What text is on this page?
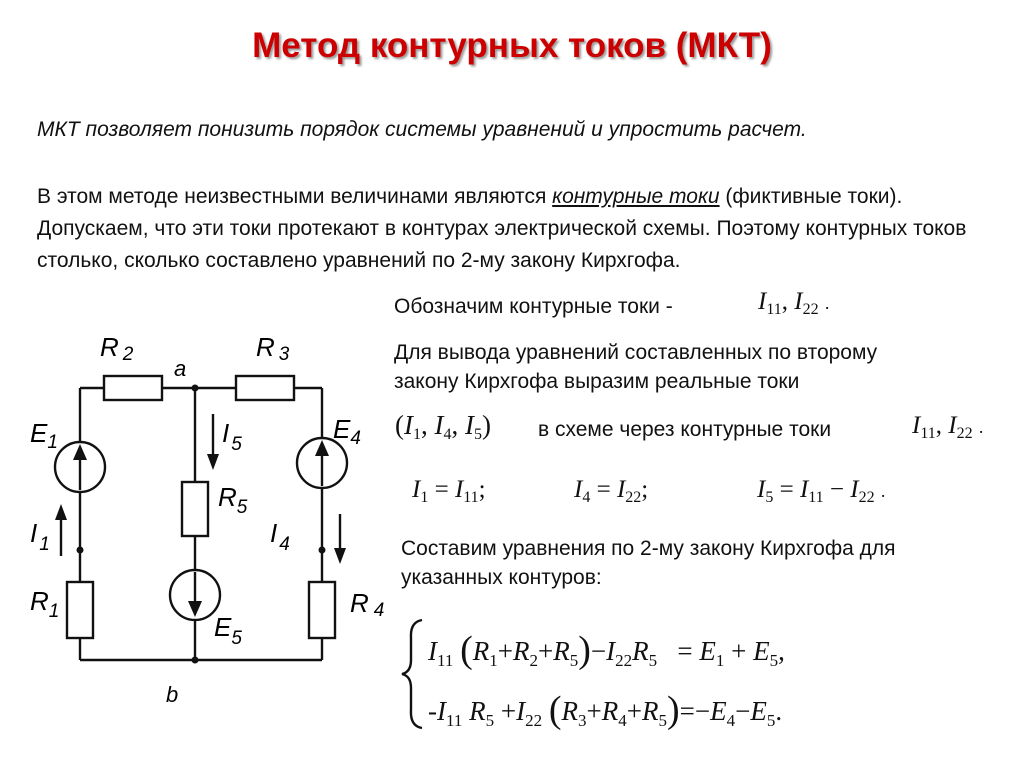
Метод контурных токов (МКТ)
МКТ позволяет понизить порядок системы уравнений и упростить расчет.
В этом методе неизвестными величинами являются контурные токи (фиктивные токи). Допускаем, что эти токи протекают в контурах электрической схемы. Поэтому контурных токов столько, сколько составлено уравнений по 2-му закону Кирхгофа.
Обозначим контурные токи -	$I_{11}$, $I_{22}$ .
Для вывода уравнений составленных по второму
закону Кирхгофа выразим реальные токи
($I_1$, $I_4$, $I_5$) в схеме через контурные токи	$I_{11}$, $I_{22}$ .
$I_1 = I_{11}$;	$I_4 = I_{22}$;	$I_5 = I_{11} - I_{22}$ .
Составим уравнения по 2-му закону Кирхгофа для
указанных контуров:
$I_{11}$ $(R_1+R_2+R_5)-I_{22}R_5 = E_1 + E_5$,
$-I_{11}$ $R_5 +I_{22}$ $(R_3+R_4+R_5)=-E_4-E_5$.
R 2	R 3
a
b
$E_1$	$E_4$
I $_5$
$R_5$
I $_1$	I $_4$
$R_1$	R 4
$E_5$
